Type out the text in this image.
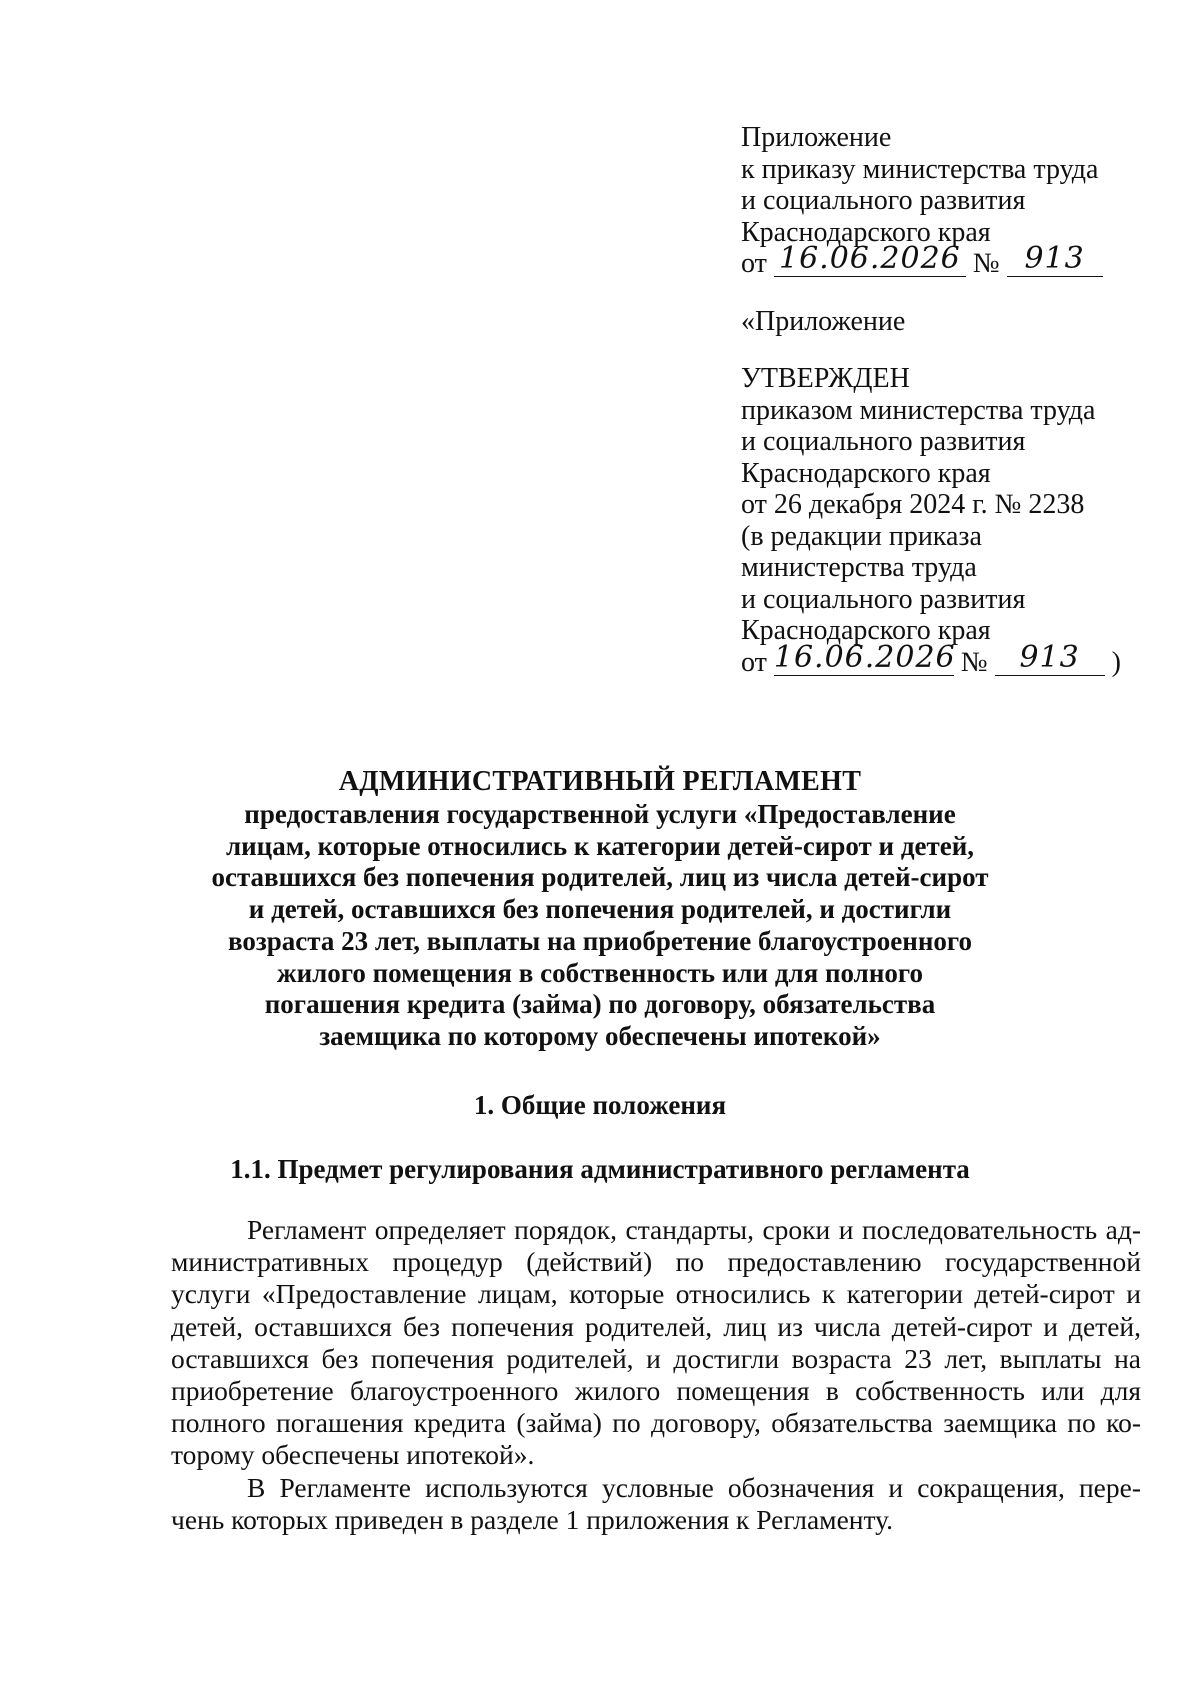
Приложение
к приказу министерства труда
и социального развития
Краснодарского края
от 16.06.2026 № 913
«Приложение
УТВЕРЖДЕН
приказом министерства труда
и социального развития
Краснодарского края
от 26 декабря 2024 г. № 2238
(в редакции приказа
министерства труда
и социального развития
Краснодарского края
от 16.06.2026 № 913 )
АДМИНИСТРАТИВНЫЙ РЕГЛАМЕНТ
предоставления государственной услуги «Предоставление
лицам, которые относились к категории детей-сирот и детей,
оставшихся без попечения родителей, лиц из числа детей-сирот
и детей, оставшихся без попечения родителей, и достигли
возраста 23 лет, выплаты на приобретение благоустроенного
жилого помещения в собственность или для полного
погашения кредита (займа) по договору, обязательства
заемщика по которому обеспечены ипотекой»
1. Общие положения
1.1. Предмет регулирования административного регламента
Регламент определяет порядок, стандарты, сроки и последовательность ад-
министративных процедур (действий) по предоставлению государственной
услуги «Предоставление лицам, которые относились к категории детей-сирот и
детей, оставшихся без попечения родителей, лиц из числа детей-сирот и детей,
оставшихся без попечения родителей, и достигли возраста 23 лет, выплаты на
приобретение благоустроенного жилого помещения в собственность или для
полного погашения кредита (займа) по договору, обязательства заемщика по ко-
торому обеспечены ипотекой».
В Регламенте используются условные обозначения и сокращения, пере-
чень которых приведен в разделе 1 приложения к Регламенту.
